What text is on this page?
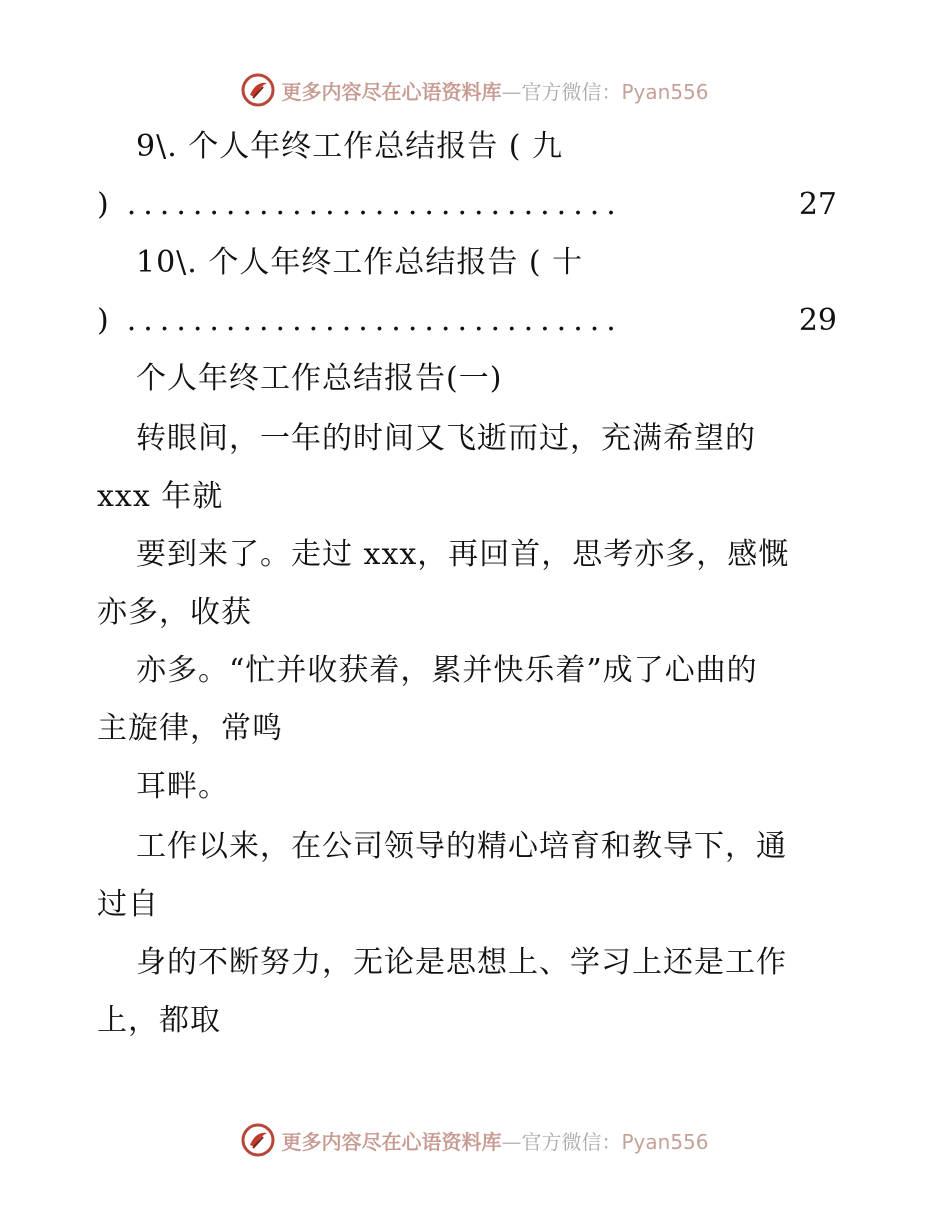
更多内容尽在心语资料库—官方微信：Pyan556
9\. 个人年终工作总结报告 ( 九
) ..............................	27
10\. 个人年终工作总结报告 ( 十
) ..............................	29
个人年终工作总结报告(一)
转眼间，一年的时间又飞逝而过，充满希望的
xxx 年就
要到来了。走过 xxx，再回首，思考亦多，感慨
亦多，收获
亦多。“忙并收获着，累并快乐着”成了心曲的
主旋律，常鸣
耳畔。
工作以来，在公司领导的精心培育和教导下，通
过自
身的不断努力，无论是思想上、学习上还是工作
上，都取
更多内容尽在心语资料库—官方微信：Pyan556
